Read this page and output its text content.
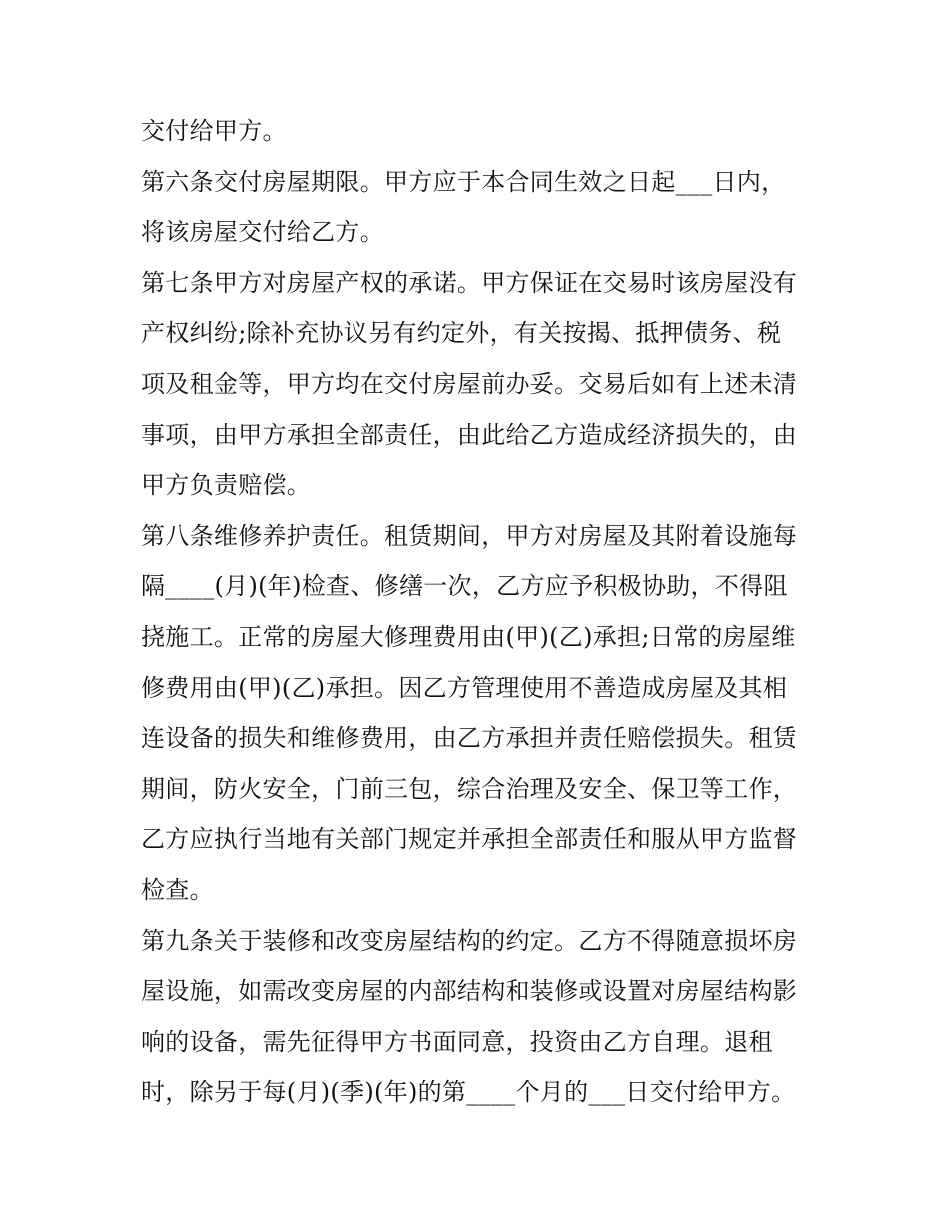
交付给甲方。
第六条交付房屋期限。甲方应于本合同生效之日起___日内，
将该房屋交付给乙方。
第七条甲方对房屋产权的承诺。甲方保证在交易时该房屋没有
产权纠纷;除补充协议另有约定外，有关按揭、抵押债务、税
项及租金等，甲方均在交付房屋前办妥。交易后如有上述未清
事项，由甲方承担全部责任，由此给乙方造成经济损失的，由
甲方负责赔偿。
第八条维修养护责任。租赁期间，甲方对房屋及其附着设施每
隔____(月)(年)检查、修缮一次，乙方应予积极协助，不得阻
挠施工。正常的房屋大修理费用由(甲)(乙)承担;日常的房屋维
修费用由(甲)(乙)承担。因乙方管理使用不善造成房屋及其相
连设备的损失和维修费用，由乙方承担并责任赔偿损失。租赁
期间，防火安全，门前三包，综合治理及安全、保卫等工作，
乙方应执行当地有关部门规定并承担全部责任和服从甲方监督
检查。
第九条关于装修和改变房屋结构的约定。乙方不得随意损坏房
屋设施，如需改变房屋的内部结构和装修或设置对房屋结构影
响的设备，需先征得甲方书面同意，投资由乙方自理。退租
时，除另于每(月)(季)(年)的第____个月的___日交付给甲方。
